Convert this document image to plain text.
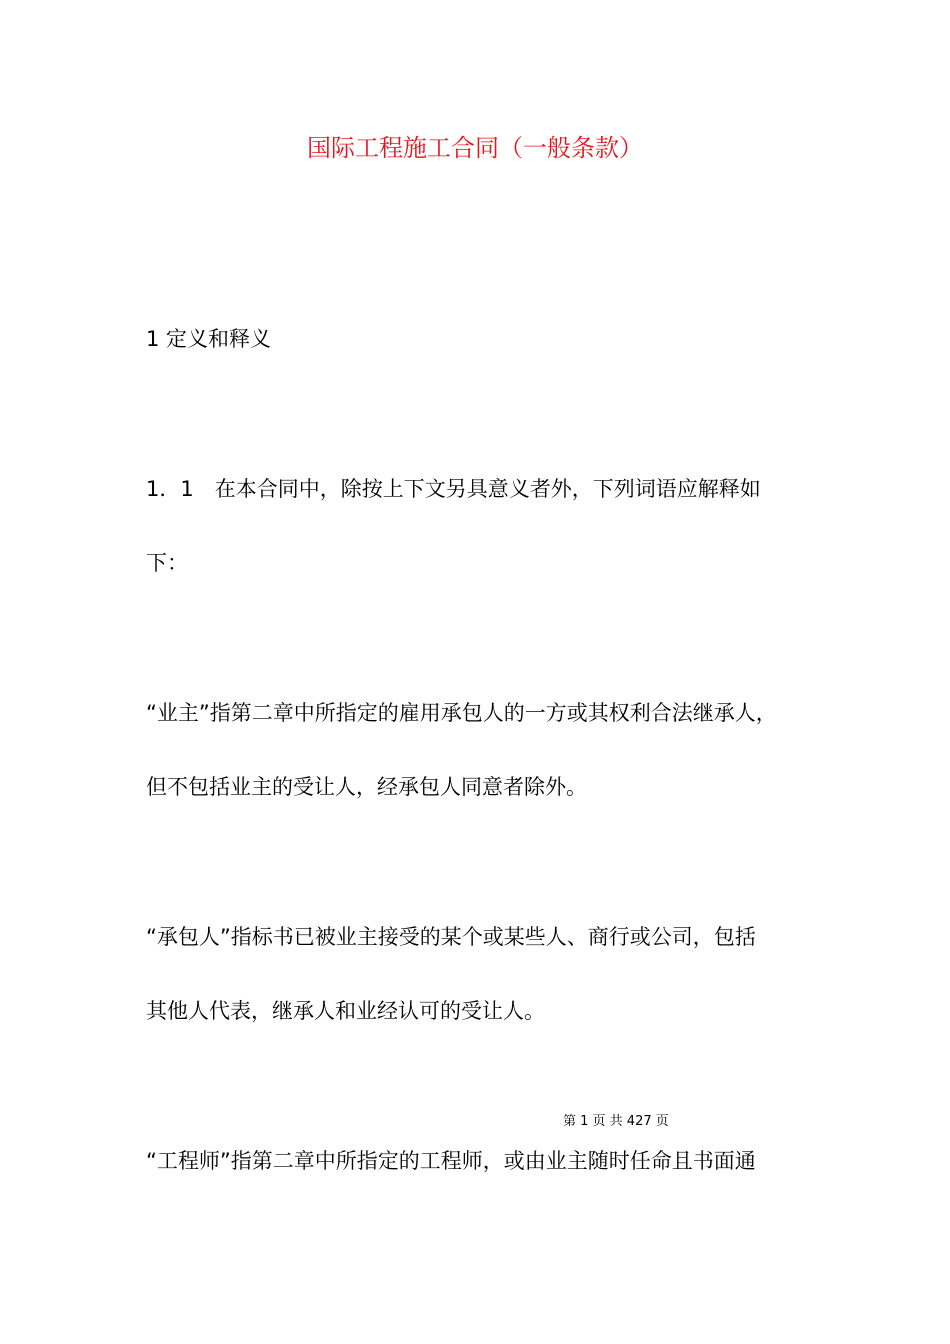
国际工程施工合同（一般条款）
1 定义和释义
1．1　在本合同中，除按上下文另具意义者外，下列词语应解释如
下：
“业主”指第二章中所指定的雇用承包人的一方或其权利合法继承人，
但不包括业主的受让人，经承包人同意者除外。
“承包人”指标书已被业主接受的某个或某些人、商行或公司，包括
其他人代表，继承人和业经认可的受让人。
第 1 页 共 427 页
“工程师”指第二章中所指定的工程师，或由业主随时任命且书面通
